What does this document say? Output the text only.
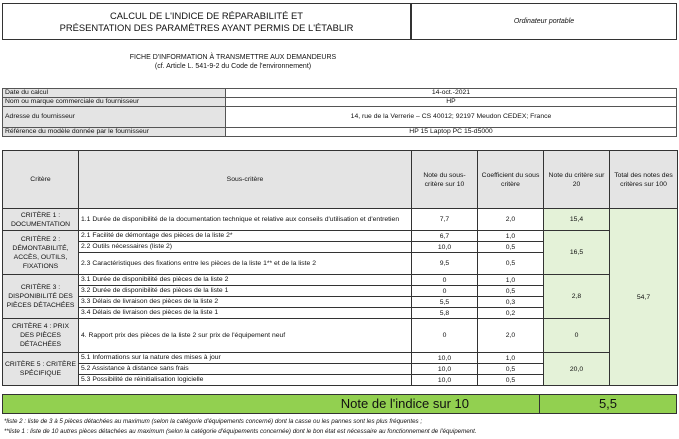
CALCUL DE L'INDICE DE RÉPARABILITÉ ET
PRÉSENTATION DES PARAMÈTRES AYANT PERMIS DE L'ÉTABLIR	Ordinateur portable
FICHE D'INFORMATION À TRANSMETTRE AUX DEMANDEURS
(cf. Article L. 541-9-2 du Code de l'environnement)
Date du calcul	14-oct.-2021
Nom ou marque commerciale du fournisseur	HP
Adresse du fournisseur	14, rue de la Verrerie – CS 40012; 92197 Meudon CEDEX; France
Référence du modèle donnée par le fournisseur	HP 15 Laptop PC 15-d5000
Critère	Sous-critère	Note du sous-critère sur 10	Coefficient du sous critère	Note du critère sur 20	Total des notes des critères sur 100
CRITÈRE 1 : DOCUMENTATION	1.1 Durée de disponibilité de la documentation technique et relative aux conseils d'utilisation et d'entretien	7,7	2,0	15,4	54,7
CRITÈRE 2 : DÉMONTABILITÉ, ACCÈS, OUTILS, FIXATIONS	2.1 Facilité de démontage des pièces de la liste 2*	6,7	1,0	16,5	
	2.2 Outils nécessaires (liste 2)	10,0	0,5		
	2.3 Caractéristiques des fixations entre les pièces de la liste 1** et de la liste 2	9,5	0,5		
CRITÈRE 3 : DISPONIBILITÉ DES PIÈCES DÉTACHÉES	3.1 Durée de disponibilité des pièces de la liste 2	0	1,0	2,8	
	3.2 Durée de disponibilité des pièces de la liste 1	0	0,5		
	3.3 Délais de livraison des pièces de la liste 2	5,5	0,3		
	3.4 Délais de livraison des pièces de la liste 1	5,8	0,2		
CRITÈRE 4 : PRIX DES PIÈCES DÉTACHÉES	4. Rapport prix des pièces de la liste 2 sur prix de l'équipement neuf	0	2,0	0	
CRITÈRE 5 : CRITÈRE SPÉCIFIQUE	5.1 Informations sur la nature des mises à jour	10,0	1,0	20,0	
	5.2 Assistance à distance sans frais	10,0	0,5		
	5.3 Possibilité de réinitialisation logicielle	10,0	0,5		
Note de l'indice sur 10	5,5
*liste 2 : liste de 3 à 5 pièces détachées au maximum (selon la catégorie d'équipements concerné) dont la casse ou les pannes sont les plus fréquentes ;
**liste 1 : liste de 10 autres pièces détachées au maximum (selon la catégorie d'équipements concernée) dont le bon état est nécessaire au fonctionnement de l'équipement.
